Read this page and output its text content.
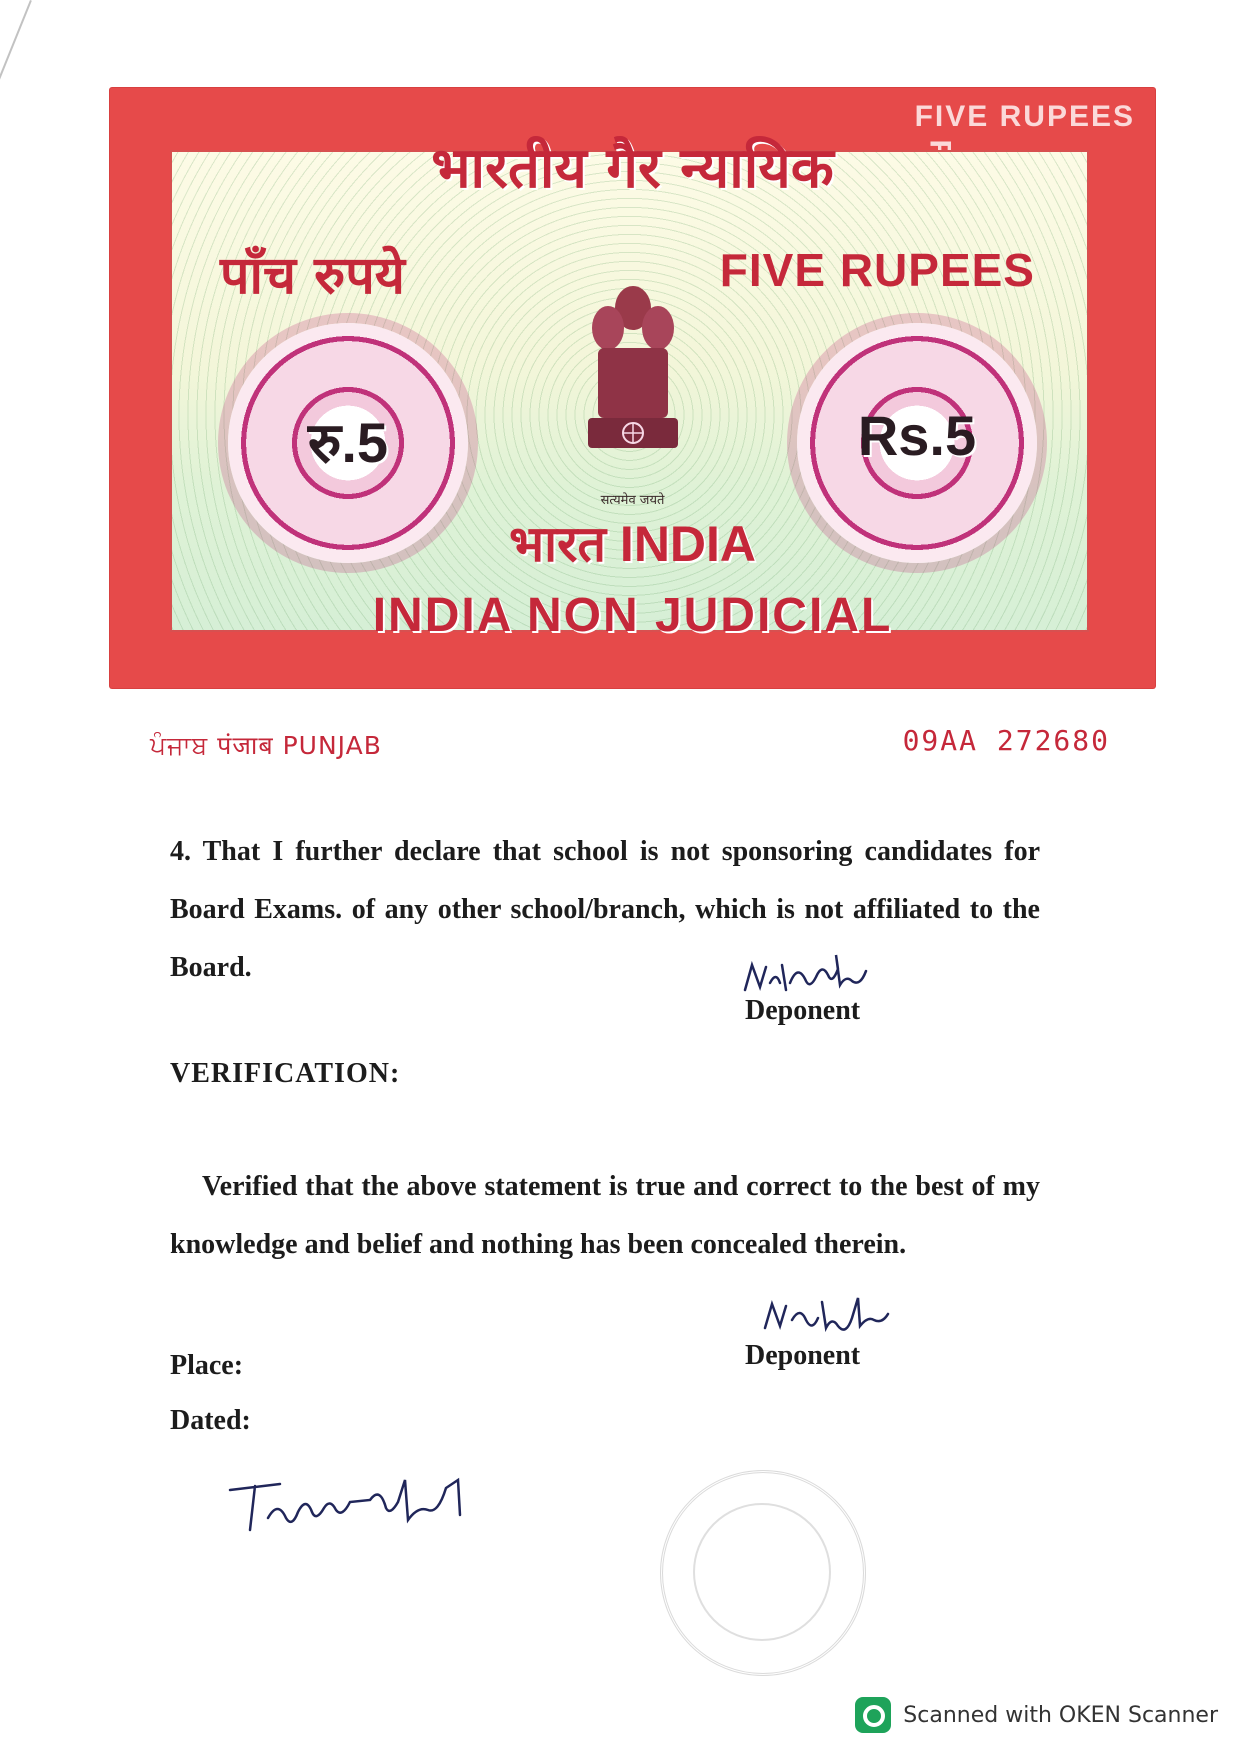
FIVE RUPEES
भारतीय गैर न्यायिक
पाँच रुपये	FIVE RUPEES
रु.5	Rs.5
सत्यमेव जयते
भारत INDIA
INDIA NON JUDICIAL
ਪੰਜਾਬ पंजाब PUNJAB	09AA 272680
4. That I further declare that school is not sponsoring candidates for Board Exams. of any other school/branch, which is not affiliated to the Board.
Deponent
VERIFICATION:
Verified that the above statement is true and correct to the best of my knowledge and belief and nothing has been concealed therein.
Deponent
Place:
Dated:
Scanned with OKEN Scanner
